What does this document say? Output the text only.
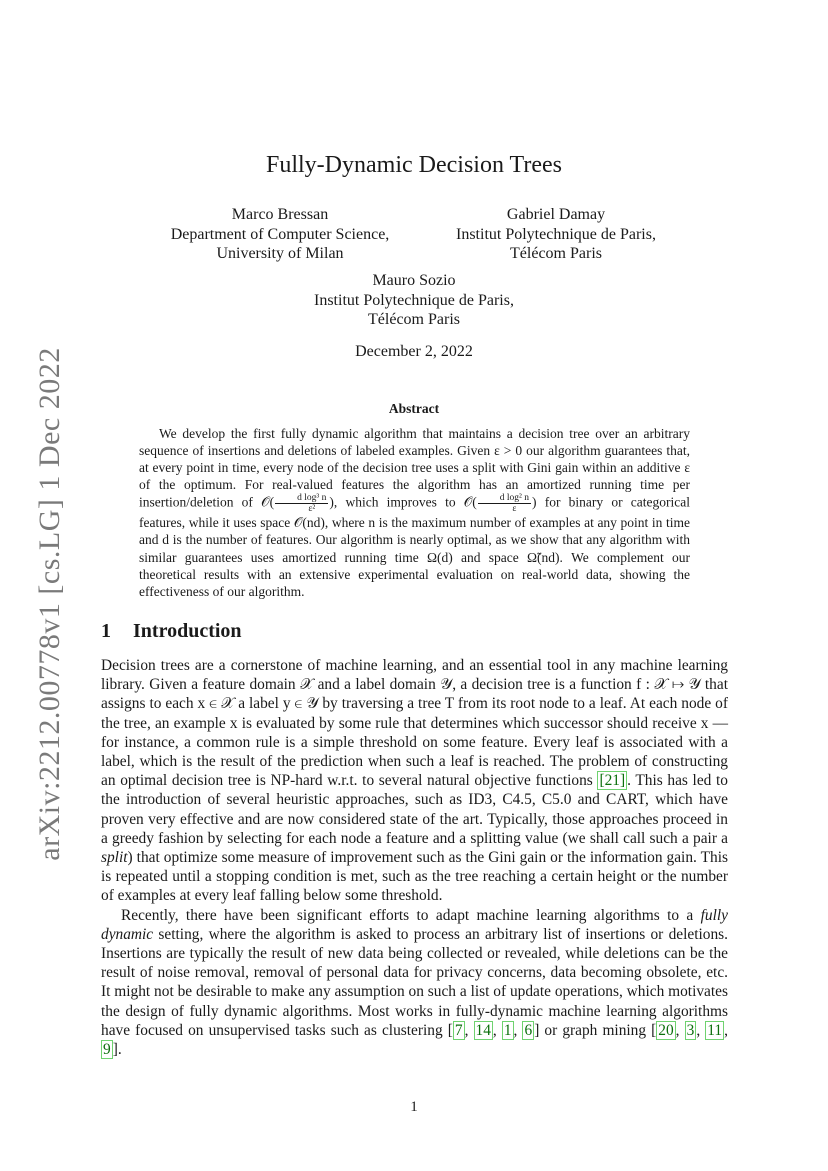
arXiv:2212.00778v1 [cs.LG] 1 Dec 2022
Fully-Dynamic Decision Trees
Marco Bressan
Department of Computer Science,
University of Milan
Gabriel Damay
Institut Polytechnique de Paris,
Télécom Paris
Mauro Sozio
Institut Polytechnique de Paris,
Télécom Paris
December 2, 2022
Abstract

We develop the first fully dynamic algorithm that maintains a decision tree over an arbitrary sequence of insertions and deletions of labeled examples. Given ε > 0 our algorithm guarantees that, at every point in time, every node of the decision tree uses a split with Gini gain within an additive ε of the optimum. For real-valued features the algorithm has an amortized running time per insertion/deletion of 𝒪( $\frac{\text{d log³ n}}{\text{ε²}}$ ), which improves to 𝒪( $\frac{\text{d log² n}}{\varepsilon}$ ) for binary or categorical features, while it uses space 𝒪(nd), where n is the maximum number of examples at any point in time and d is the number of features. Our algorithm is nearly optimal, as we show that any algorithm with similar guarantees uses amortized running time Ω(d) and space Ω̃(nd). We complement our theoretical results with an extensive experimental evaluation on real-world data, showing the effectiveness of our algorithm.

1 Introduction

Decision trees are a cornerstone of machine learning, and an essential tool in any machine learning library. Given a feature domain 𝒳 and a label domain 𝒴, a decision tree is a function f : 𝒳 ↦ 𝒴 that assigns to each x ∈ 𝒳 a label y ∈ 𝒴 by traversing a tree T from its root node to a leaf. At each node of the tree, an example x is evaluated by some rule that determines which successor should receive x — for instance, a common rule is a simple threshold on some feature. Every leaf is associated with a label, which is the result of the prediction when such a leaf is reached. The problem of constructing an optimal decision tree is NP-hard w.r.t. to several natural objective functions [21] . This has led to the introduction of several heuristic approaches, such as ID3, C4.5, C5.0 and CART, which have proven very effective and are now considered state of the art. Typically, those approaches proceed in a greedy fashion by selecting for each node a feature and a splitting value (we shall call such a pair a split) that optimize some measure of improvement such as the Gini gain or the information gain. This is repeated until a stopping condition is met, such as the tree reaching a certain height or the number of examples at every leaf falling below some threshold.

Recently, there have been significant efforts to adapt machine learning algorithms to a fully dynamic setting, where the algorithm is asked to process an arbitrary list of insertions or deletions. Insertions are typically the result of new data being collected or revealed, while deletions can be the result of noise removal, removal of personal data for privacy concerns, data becoming obsolete, etc. It might not be desirable to make any assumption on such a list of update operations, which motivates the design of fully dynamic algorithms. Most works in fully-dynamic machine learning algorithms have focused on unsupervised tasks such as clustering [ 7 , 14 , 1 , 6 ] or graph mining [ 20 , 3 , 11 , 9 ].

1
